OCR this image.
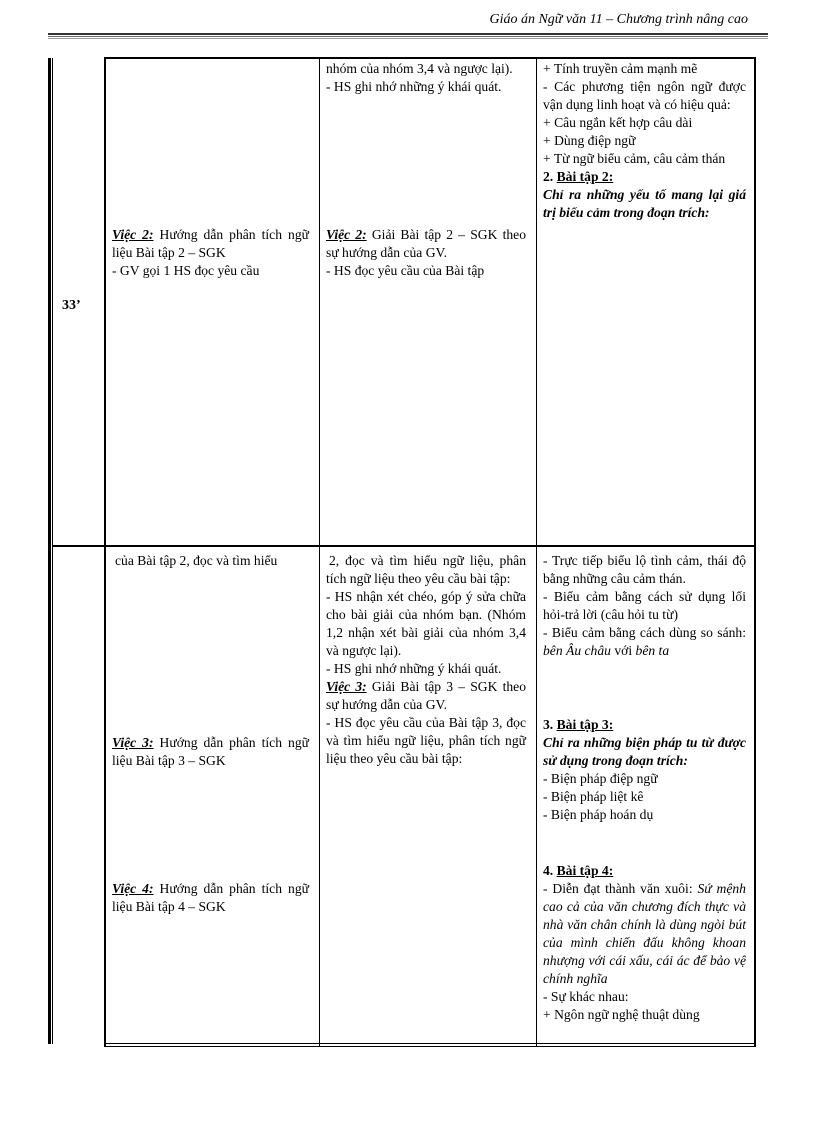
Giáo án Ngữ văn 11 – Chương trình nâng cao
33’

Việc 2: Hướng dẫn phân tích ngữ liệu Bài tập 2 – SGK

- GV gọi 1 HS đọc yêu cầu

nhóm của nhóm 3,4 và ngược lại).

- HS ghi nhớ những ý khái quát.

Việc 2: Giải Bài tập 2 – SGK theo sự hướng dẫn của GV.

- HS đọc yêu cầu của Bài tập

+ Tính truyền cảm mạnh mẽ

- Các phương tiện ngôn ngữ được vận dụng linh hoạt và có hiệu quả:

+ Câu ngắn kết hợp câu dài

+ Dùng điệp ngữ

+ Từ ngữ biểu cảm, câu cảm thán

2. Bài tập 2:

Chỉ ra những yếu tố mang lại giá trị biểu cảm trong đoạn trích:

của Bài tập 2, đọc và tìm hiểu

Việc 3: Hướng dẫn phân tích ngữ liệu Bài tập 3 – SGK

Việc 4: Hướng dẫn phân tích ngữ liệu Bài tập 4 – SGK

2, đọc và tìm hiểu ngữ liệu, phân tích ngữ liệu theo yêu cầu bài tập:

- HS nhận xét chéo, góp ý sửa chữa cho bài giải của nhóm bạn. (Nhóm 1,2 nhận xét bài giải của nhóm 3,4 và ngược lại).

- HS ghi nhớ những ý khái quát.

Việc 3: Giải Bài tập 3 – SGK theo sự hướng dẫn của GV.

- HS đọc yêu cầu của Bài tập 3, đọc và tìm hiểu ngữ liệu, phân tích ngữ liệu theo yêu cầu bài tập:

- Trực tiếp biểu lộ tình cảm, thái độ bằng những câu cảm thán.

- Biểu cảm bằng cách sử dụng lối hỏi-trả lời (câu hỏi tu từ)

- Biểu cảm bằng cách dùng so sánh: bên Âu châu với bên ta

3. Bài tập 3:

Chỉ ra những biện pháp tu từ được sử dụng trong đoạn trích:

- Biện pháp điệp ngữ

- Biện pháp liệt kê

- Biện pháp hoán dụ

4. Bài tập 4:

- Diễn đạt thành văn xuôi: Sứ mệnh cao cả của văn chương đích thực và nhà văn chân chính là dùng ngòi bút của mình chiến đấu không khoan nhượng với cái xấu, cái ác để bảo vệ chính nghĩa

- Sự khác nhau:

+ Ngôn ngữ nghệ thuật dùng
